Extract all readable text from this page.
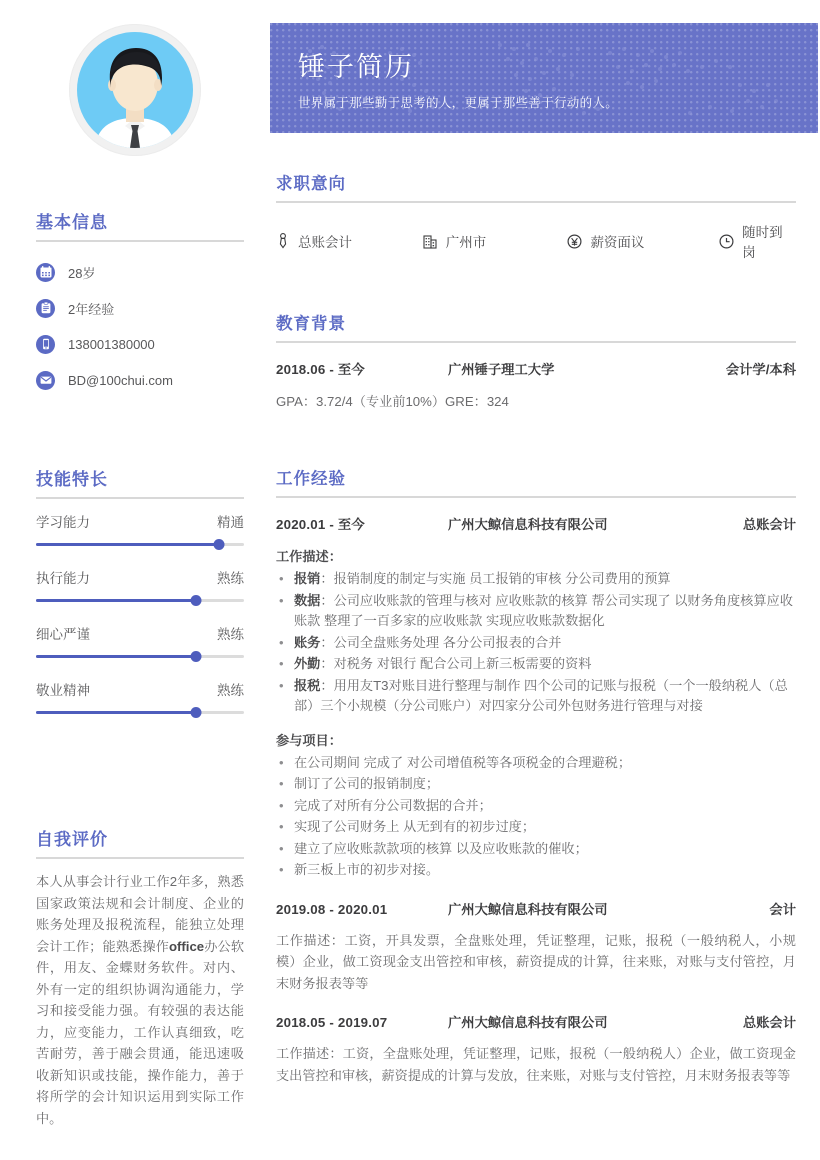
基本信息
28岁
2年经验
138001380000
BD@100chui.com
技能特长
学习能力	精通
执行能力	熟练
细心严谨	熟练
敬业精神	熟练
自我评价
本人从事会计行业工作2年多，熟悉国家政策法规和会计制度、企业的账务处理及报税流程，能独立处理会计工作；能熟悉操作office办公软件，用友、金蝶财务软件。对内、外有一定的组织协调沟通能力，学习和接受能力强。有较强的表达能力，应变能力，工作认真细致，吃苦耐劳，善于融会贯通，能迅速吸收新知识或技能，操作能力，善于将所学的会计知识运用到实际工作中。
锤子简历
世界属于那些勤于思考的人，更属于那些善于行动的人。
求职意向
总账会计	广州市	薪资面议
随时到岗
教育背景
2018.06 - 至今	广州锤子理工大学	会计学/本科
GPA：3.72/4（专业前10%）GRE：324
工作经验
2020.01 - 至今	广州大鲸信息科技有限公司	总账会计
工作描述：
• 报销：报销制度的制定与实施 员工报销的审核 分公司费用的预算
• 数据：公司应收账款的管理与核对 应收账款的核算 帮公司实现了 以财务角度核算应收账款 整理了一百多家的应收账款 实现应收账款数据化
• 账务：公司全盘账务处理 各分公司报表的合并
• 外勤：对税务 对银行 配合公司上新三板需要的资料
• 报税：用用友T3对账目进行整理与制作 四个公司的记账与报税（一个一般纳税人（总部）三个小规模（分公司账户）对四家分公司外包财务进行管理与对接
参与项目：
• 在公司期间 完成了 对公司增值税等各项税金的合理避税；
• 制订了公司的报销制度；
• 完成了对所有分公司数据的合并；
• 实现了公司财务上 从无到有的初步过度；
• 建立了应收账款款项的核算 以及应收账款的催收；
• 新三板上市的初步对接。
2019.08 - 2020.01	广州大鲸信息科技有限公司	会计
工作描述：工资，开具发票，全盘账处理，凭证整理，记账，报税（一般纳税人，小规模）企业，做工资现金支出管控和审核，薪资提成的计算，往来账，对账与支付管控，月末财务报表等等
2018.05 - 2019.07	广州大鲸信息科技有限公司	总账会计
工作描述：工资，全盘账处理，凭证整理，记账，报税（一般纳税人）企业，做工资现金支出管控和审核，薪资提成的计算与发放，往来账，对账与支付管控，月末财务报表等等
